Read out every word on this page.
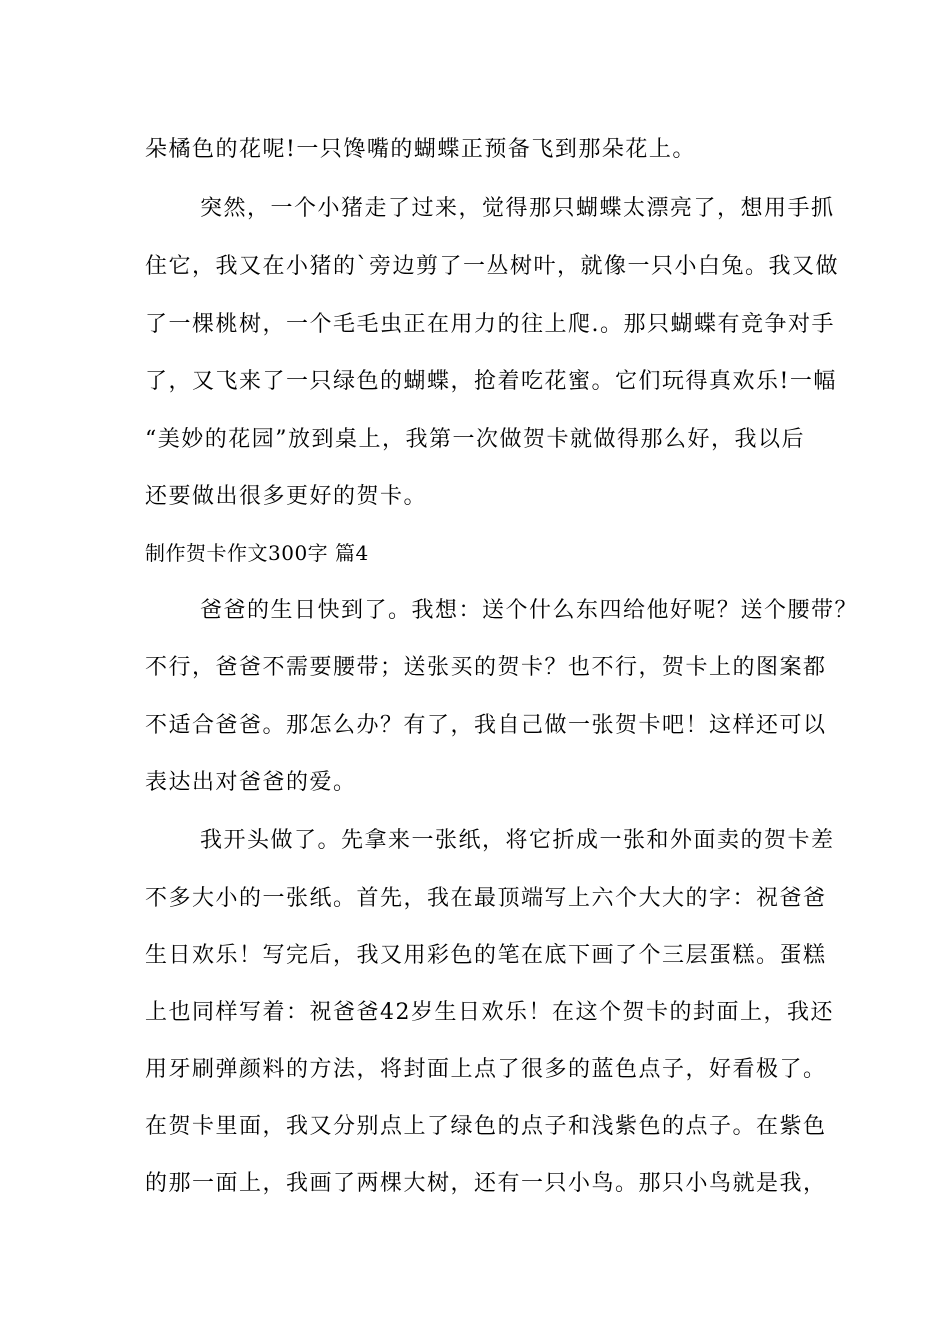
朵橘色的花呢!一只馋嘴的蝴蝶正预备飞到那朵花上。
突然，一个小猪走了过来，觉得那只蝴蝶太漂亮了，想用手抓
住它，我又在小猪的`旁边剪了一丛树叶，就像一只小白兔。我又做
了一棵桃树，一个毛毛虫正在用力的往上爬.。那只蝴蝶有竞争对手
了，又飞来了一只绿色的蝴蝶，抢着吃花蜜。它们玩得真欢乐!一幅
“美妙的花园”放到桌上，我第一次做贺卡就做得那么好，我以后
还要做出很多更好的贺卡。
制作贺卡作文300字 篇4
爸爸的生日快到了。我想：送个什么东四给他好呢？送个腰带？
不行，爸爸不需要腰带；送张买的贺卡？也不行，贺卡上的图案都
不适合爸爸。那怎么办？有了，我自己做一张贺卡吧！这样还可以
表达出对爸爸的爱。
我开头做了。先拿来一张纸，将它折成一张和外面卖的贺卡差
不多大小的一张纸。首先，我在最顶端写上六个大大的字：祝爸爸
生日欢乐！写完后，我又用彩色的笔在底下画了个三层蛋糕。蛋糕
上也同样写着：祝爸爸42岁生日欢乐！在这个贺卡的封面上，我还
用牙刷弹颜料的方法，将封面上点了很多的蓝色点子，好看极了。
在贺卡里面，我又分别点上了绿色的点子和浅紫色的点子。在紫色
的那一面上，我画了两棵大树，还有一只小鸟。那只小鸟就是我，
